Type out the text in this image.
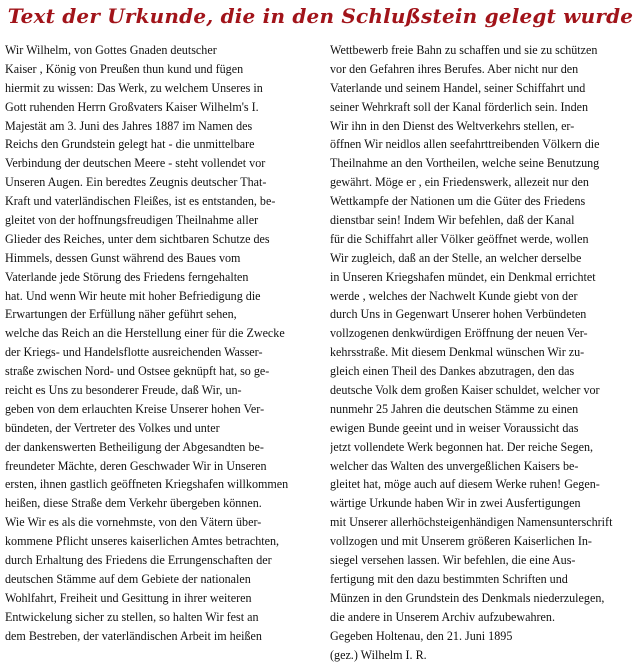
Text der Urkunde, die in den Schlußstein gelegt wurde
Wir Wilhelm, von Gottes Gnaden deutscher
Kaiser , König von Preußen thun kund und fügen
hiermit zu wissen: Das Werk, zu welchem Unseres in
Gott ruhenden Herrn Großvaters Kaiser Wilhelm's I.
Majestät am 3. Juni des Jahres 1887 im Namen des
Reichs den Grundstein gelegt hat - die unmittelbare
Verbindung der deutschen Meere - steht vollendet vor
Unseren Augen. Ein beredtes Zeugnis deutscher That-
Kraft und vaterländischen Fleißes, ist es entstanden, be-
gleitet von der hoffnungsfreudigen Theilnahme aller
Glieder des Reiches, unter dem sichtbaren Schutze des
Himmels, dessen Gunst während des Baues vom
Vaterlande jede Störung des Friedens ferngehalten
hat. Und wenn Wir heute mit hoher Befriedigung die
Erwartungen der Erfüllung näher geführt sehen,
welche das Reich an die Herstellung einer für die Zwecke
der Kriegs- und Handelsflotte ausreichenden Wasser-
straße zwischen Nord- und Ostsee geknüpft hat, so ge-
reicht es Uns zu besonderer Freude, daß Wir, un-
geben von dem erlauchten Kreise Unserer hohen Ver-
bündeten, der Vertreter des Volkes und unter
der dankenswerten Betheiligung der Abgesandten be-
freundeter Mächte, deren Geschwader Wir in Unseren
ersten, ihnen gastlich geöffneten Kriegshafen willkommen
heißen, diese Straße dem Verkehr übergeben können.
Wie Wir es als die vornehmste, von den Vätern über-
kommene Pflicht unseres kaiserlichen Amtes betrachten,
durch Erhaltung des Friedens die Errungenschaften der
deutschen Stämme auf dem Gebiete der nationalen
Wohlfahrt, Freiheit und Gesittung in ihrer weiteren
Entwickelung sicher zu stellen, so halten Wir fest an
dem Bestreben, der vaterländischen Arbeit im heißen
Wettbewerb freie Bahn zu schaffen und sie zu schützen
vor den Gefahren ihres Berufes. Aber nicht nur den
Vaterlande und seinem Handel, seiner Schiffahrt und
seiner Wehrkraft soll der Kanal förderlich sein. Inden
Wir ihn in den Dienst des Weltverkehrs stellen, er-
öffnen Wir neidlos allen seefahrttreibenden Völkern die
Theilnahme an den Vortheilen, welche seine Benutzung
gewährt. Möge er , ein Friedenswerk, allezeit nur den
Wettkampfe der Nationen um die Güter des Friedens
dienstbar sein! Indem Wir befehlen, daß der Kanal
für die Schiffahrt aller Völker geöffnet werde, wollen
Wir zugleich, daß an der Stelle, an welcher derselbe
in Unseren Kriegshafen mündet, ein Denkmal errichtet
werde , welches der Nachwelt Kunde giebt von der
durch Uns in Gegenwart Unserer hohen Verbündeten
vollzogenen denkwürdigen Eröffnung der neuen Ver-
kehrsstraße. Mit diesem Denkmal wünschen Wir zu-
gleich einen Theil des Dankes abzutragen, den das
deutsche Volk dem großen Kaiser schuldet, welcher vor
nunmehr 25 Jahren die deutschen Stämme zu einen
ewigen Bunde geeint und in weiser Voraussicht das
jetzt vollendete Werk begonnen hat. Der reiche Segen,
welcher das Walten des unvergeßlichen Kaisers be-
gleitet hat, möge auch auf diesem Werke ruhen! Gegen-
wärtige Urkunde haben Wir in zwei Ausfertigungen
mit Unserer allerhöchsteigenhändigen Namensunterschrift
vollzogen und mit Unserem größeren Kaiserlichen In-
siegel versehen lassen. Wir befehlen, die eine Aus-
fertigung mit den dazu bestimmten Schriften und
Münzen in den Grundstein des Denkmals niederzulegen,
die andere in Unserem Archiv aufzubewahren.
Gegeben Holtenau, den 21. Juni 1895
(gez.) Wilhelm I. R.
